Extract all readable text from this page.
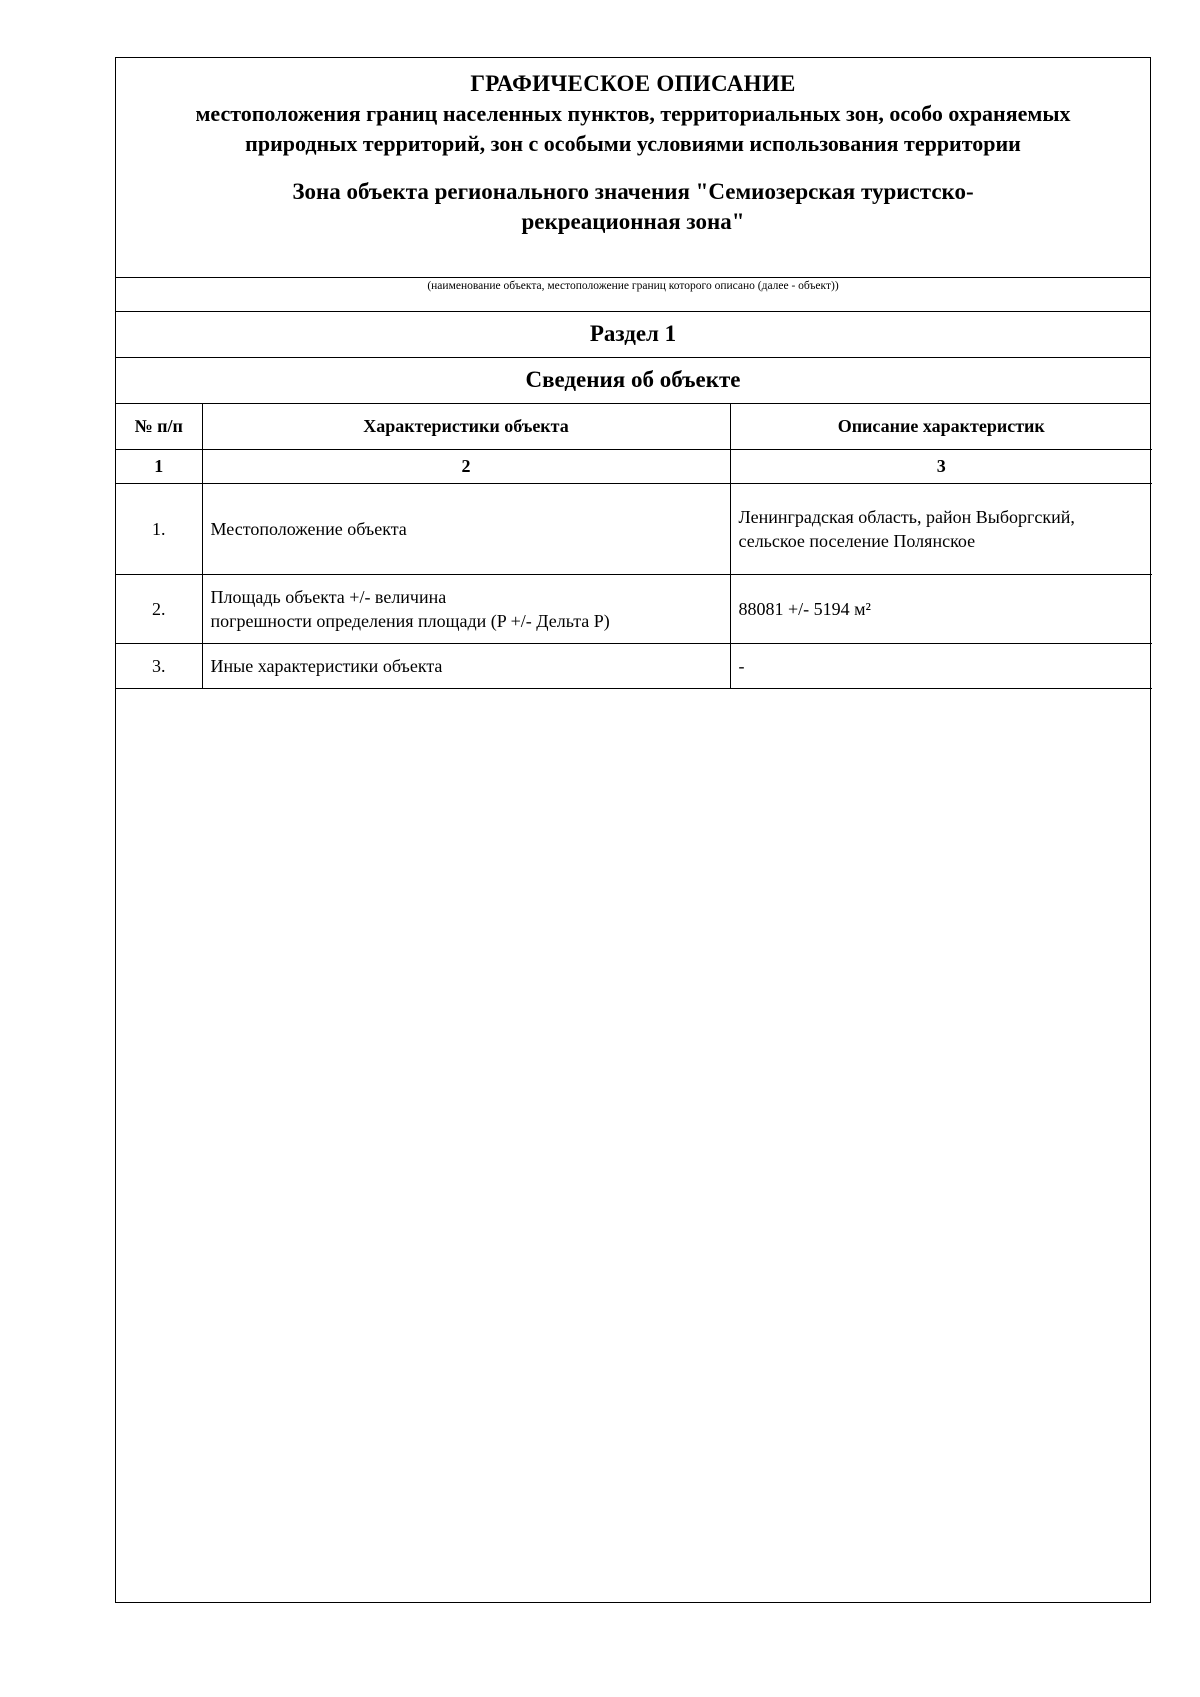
ГРАФИЧЕСКОЕ ОПИСАНИЕ

местоположения границ населенных пунктов, территориальных зон, особо охраняемых природных территорий, зон с особыми условиями использования территории

Зона объекта регионального значения "Семиозерская туристско-рекреационная зона"

(наименование объекта, местоположение границ которого описано (далее - объект))
Раздел 1
Сведения об объекте
№ п/п	Характеристики объекта	Описание характеристик
1	2	3
1.	Местоположение объекта	Ленинградская область, район Выборгский, сельское поселение Полянское
2.	Площадь объекта +/- величина
погрешности определения площади (P +/- Дельта P)	88081 +/- 5194 м²
3.	Иные характеристики объекта	-
